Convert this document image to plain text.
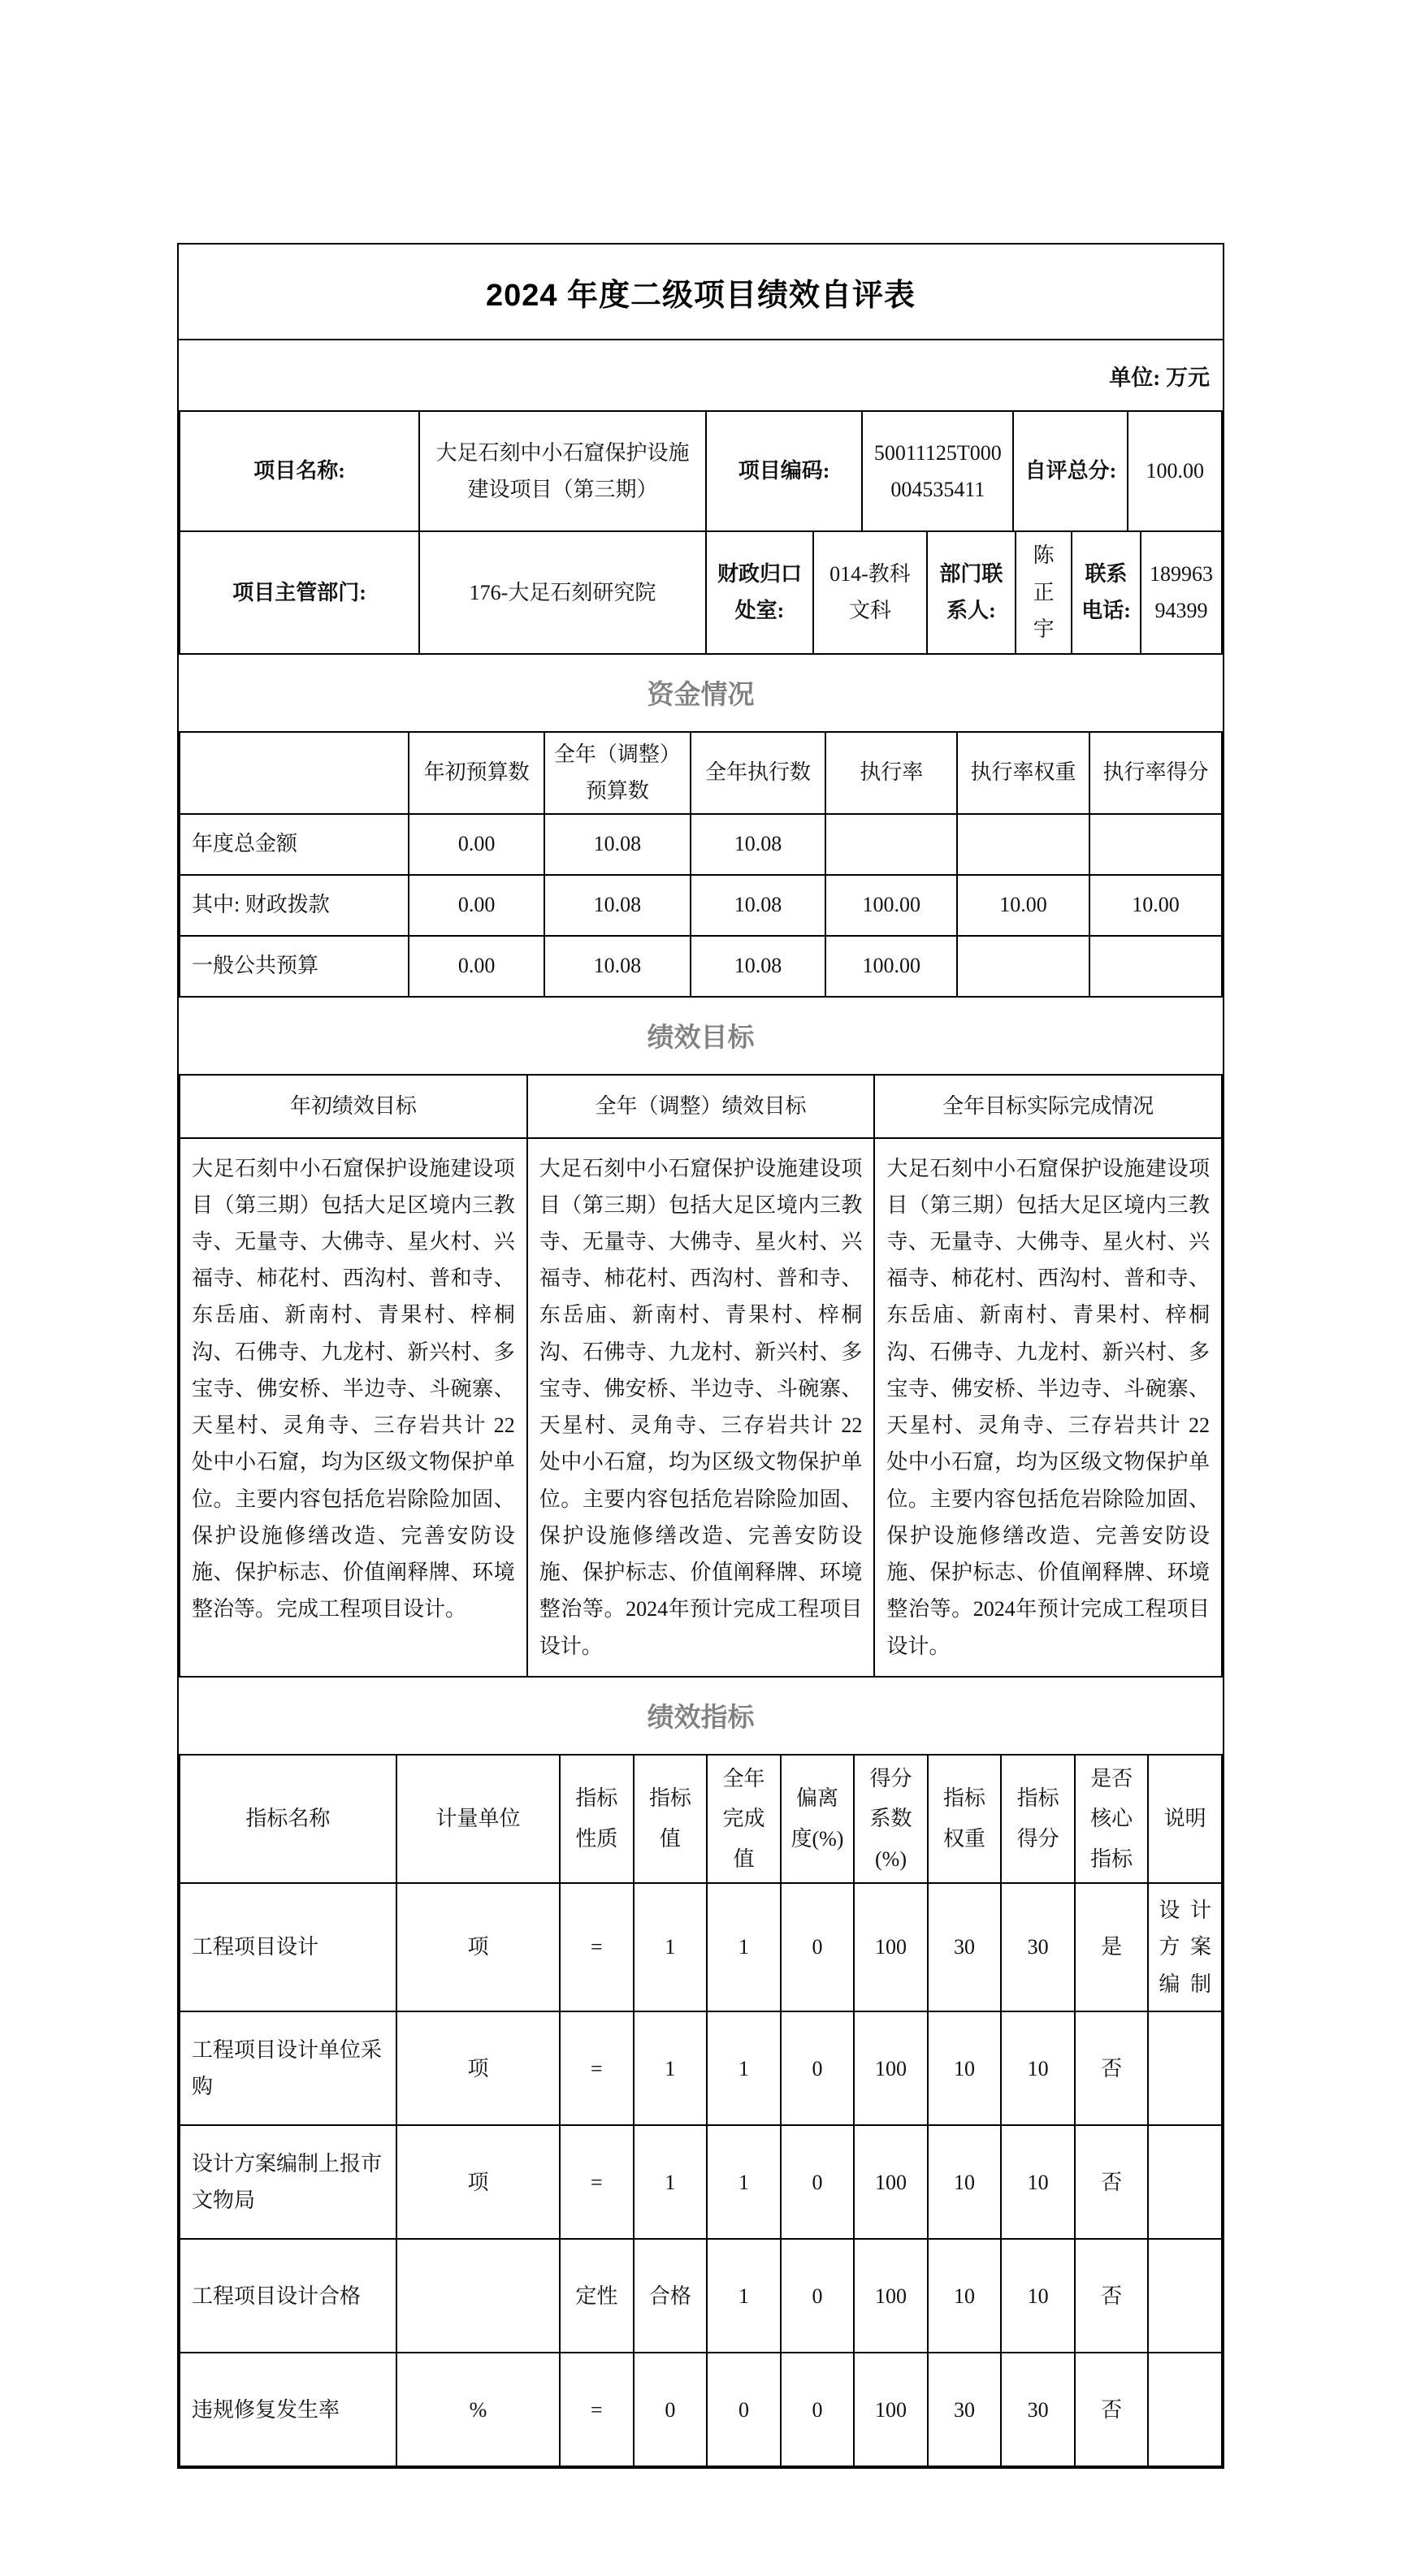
2024 年度二级项目绩效自评表
单位: 万元
项目名称:	大足石刻中小石窟保护设施建设项目（第三期）	项目编码:	50011125T000004535411	自评总分:	100.00
项目主管部门:	176-大足石刻研究院	财政归口处室:	014-教科文科	部门联系人:	陈正宇	联系电话:	18996394399
资金情况
	年初预算数	全年（调整）预算数	全年执行数	执行率	执行率权重	执行率得分
年度总金额	0.00	10.08	10.08			
其中: 财政拨款	0.00	10.08	10.08	100.00	10.00	10.00
一般公共预算	0.00	10.08	10.08	100.00		
绩效目标
年初绩效目标	全年（调整）绩效目标	全年目标实际完成情况
大足石刻中小石窟保护设施建设项目（第三期）包括大足区境内三教寺、无量寺、大佛寺、星火村、兴福寺、柿花村、西沟村、普和寺、东岳庙、新南村、青果村、梓桐沟、石佛寺、九龙村、新兴村、多宝寺、佛安桥、半边寺、斗碗寨、天星村、灵角寺、三存岩共计 22 处中小石窟，均为区级文物保护单位。主要内容包括危岩除险加固、保护设施修缮改造、完善安防设施、保护标志、价值阐释牌、环境整治等。完成工程项目设计。	大足石刻中小石窟保护设施建设项目（第三期）包括大足区境内三教寺、无量寺、大佛寺、星火村、兴福寺、柿花村、西沟村、普和寺、东岳庙、新南村、青果村、梓桐沟、石佛寺、九龙村、新兴村、多宝寺、佛安桥、半边寺、斗碗寨、天星村、灵角寺、三存岩共计 22 处中小石窟，均为区级文物保护单位。主要内容包括危岩除险加固、保护设施修缮改造、完善安防设施、保护标志、价值阐释牌、环境整治等。2024年预计完成工程项目设计。	大足石刻中小石窟保护设施建设项目（第三期）包括大足区境内三教寺、无量寺、大佛寺、星火村、兴福寺、柿花村、西沟村、普和寺、东岳庙、新南村、青果村、梓桐沟、石佛寺、九龙村、新兴村、多宝寺、佛安桥、半边寺、斗碗寨、天星村、灵角寺、三存岩共计 22 处中小石窟，均为区级文物保护单位。主要内容包括危岩除险加固、保护设施修缮改造、完善安防设施、保护标志、价值阐释牌、环境整治等。2024年预计完成工程项目设计。
绩效指标
指标名称	计量单位	指标性质	指标值	全年完成值	偏离度(%)	得分系数(%)	指标权重	指标得分	是否核心指标	说明
工程项目设计	项	=	1	1	0	100	30	30	是	设计方案编制
工程项目设计单位采购	项	=	1	1	0	100	10	10	否	
设计方案编制上报市文物局	项	=	1	1	0	100	10	10	否	
工程项目设计合格		定性	合格	1	0	100	10	10	否	
违规修复发生率	%	=	0	0	0	100	30	30	否	
